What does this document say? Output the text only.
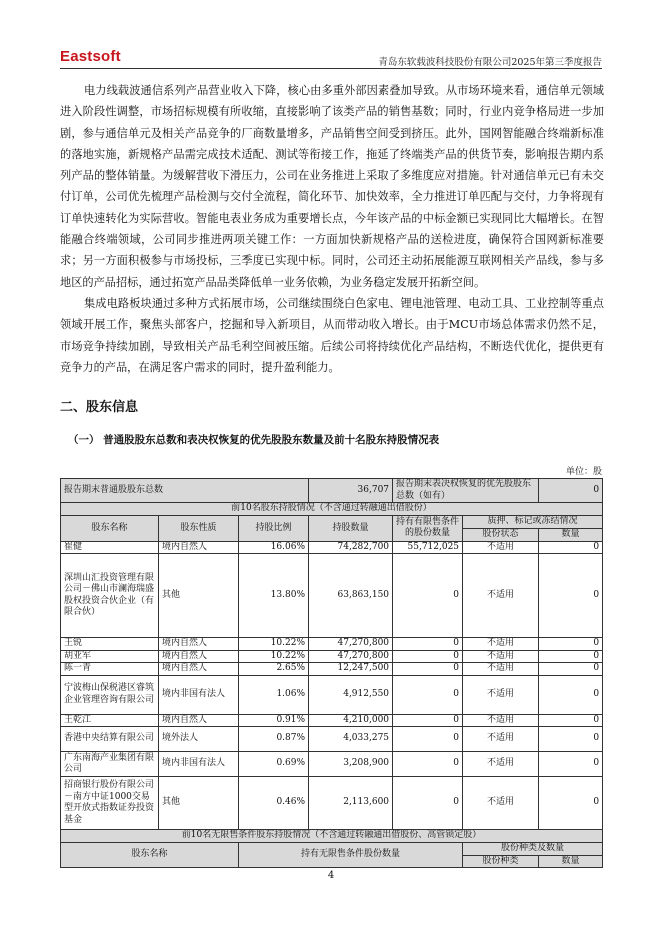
Eastsoft	青岛东软载波科技股份有限公司2025年第三季度报告

电力线载波通信系列产品营业收入下降，核心由多重外部因素叠加导致。从市场环境来看，通信单元领域进入阶段性调整，市场招标规模有所收缩，直接影响了该类产品的销售基数；同时，行业内竞争格局进一步加剧，参与通信单元及相关产品竞争的厂商数量增多，产品销售空间受到挤压。此外，国网智能融合终端新标准的落地实施，新规格产品需完成技术适配、测试等衔接工作，拖延了终端类产品的供货节奏，影响报告期内系列产品的整体销量。为缓解营收下滑压力，公司在业务推进上采取了多维度应对措施。针对通信单元已有未交付订单，公司优先梳理产品检测与交付全流程，简化环节、加快效率，全力推进订单匹配与交付，力争将现有订单快速转化为实际营收。智能电表业务成为重要增长点，今年该产品的中标金额已实现同比大幅增长。在智能融合终端领域，公司同步推进两项关键工作：一方面加快新规格产品的送检进度，确保符合国网新标准要求；另一方面积极参与市场投标，三季度已实现中标。同时，公司还主动拓展能源互联网相关产品线，参与多地区的产品招标，通过拓宽产品品类降低单一业务依赖，为业务稳定发展开拓新空间。

集成电路板块通过多种方式拓展市场，公司继续围绕白色家电、锂电池管理、电动工具、工业控制等重点领域开展工作，聚焦头部客户，挖掘和导入新项目，从而带动收入增长。由于MCU市场总体需求仍然不足，市场竞争持续加剧，导致相关产品毛利空间被压缩。后续公司将持续优化产品结构，不断迭代优化，提供更有竞争力的产品，在满足客户需求的同时，提升盈利能力。

二、股东信息
（一） 普通股股东总数和表决权恢复的优先股股东数量及前十名股东持股情况表
单位：股
报告期末普通股股东总数			36,707	报告期末表决权恢复的优先股股东总数（如有）		0
前10名股东持股情况（不含通过转融通出借股份）						
股东名称	股东性质	持股比例	持股数量	持有有限售条件的股份数量	质押、标记或冻结情况	
					股份状态	数量
崔健	境内自然人	16.06%	74,282,700	55,712,025	不适用	0
深圳山汇投资管理有限公司－佛山市澜海瑞盛股权投资合伙企业（有限合伙）	其他	13.80%	63,863,150	0	不适用	0
王锐	境内自然人	10.22%	47,270,800	0	不适用	0
胡亚军	境内自然人	10.22%	47,270,800	0	不适用	0
陈一青	境内自然人	2.65%	12,247,500	0	不适用	0
宁波梅山保税港区睿筑企业管理咨询有限公司	境内非国有法人	1.06%	4,912,550	0	不适用	0
王乾江	境内自然人	0.91%	4,210,000	0	不适用	0
香港中央结算有限公司	境外法人	0.87%	4,033,275	0	不适用	0
广东南海产业集团有限公司	境内非国有法人	0.69%	3,208,900	0	不适用	0
招商银行股份有限公司－南方中证1000交易型开放式指数证券投资基金	其他	0.46%	2,113,600	0	不适用	0
前10名无限售条件股东持股情况（不含通过转融通出借股份、高管锁定股）						
股东名称		持有无限售条件股份数量			股份种类及数量	
					股份种类	数量
4
